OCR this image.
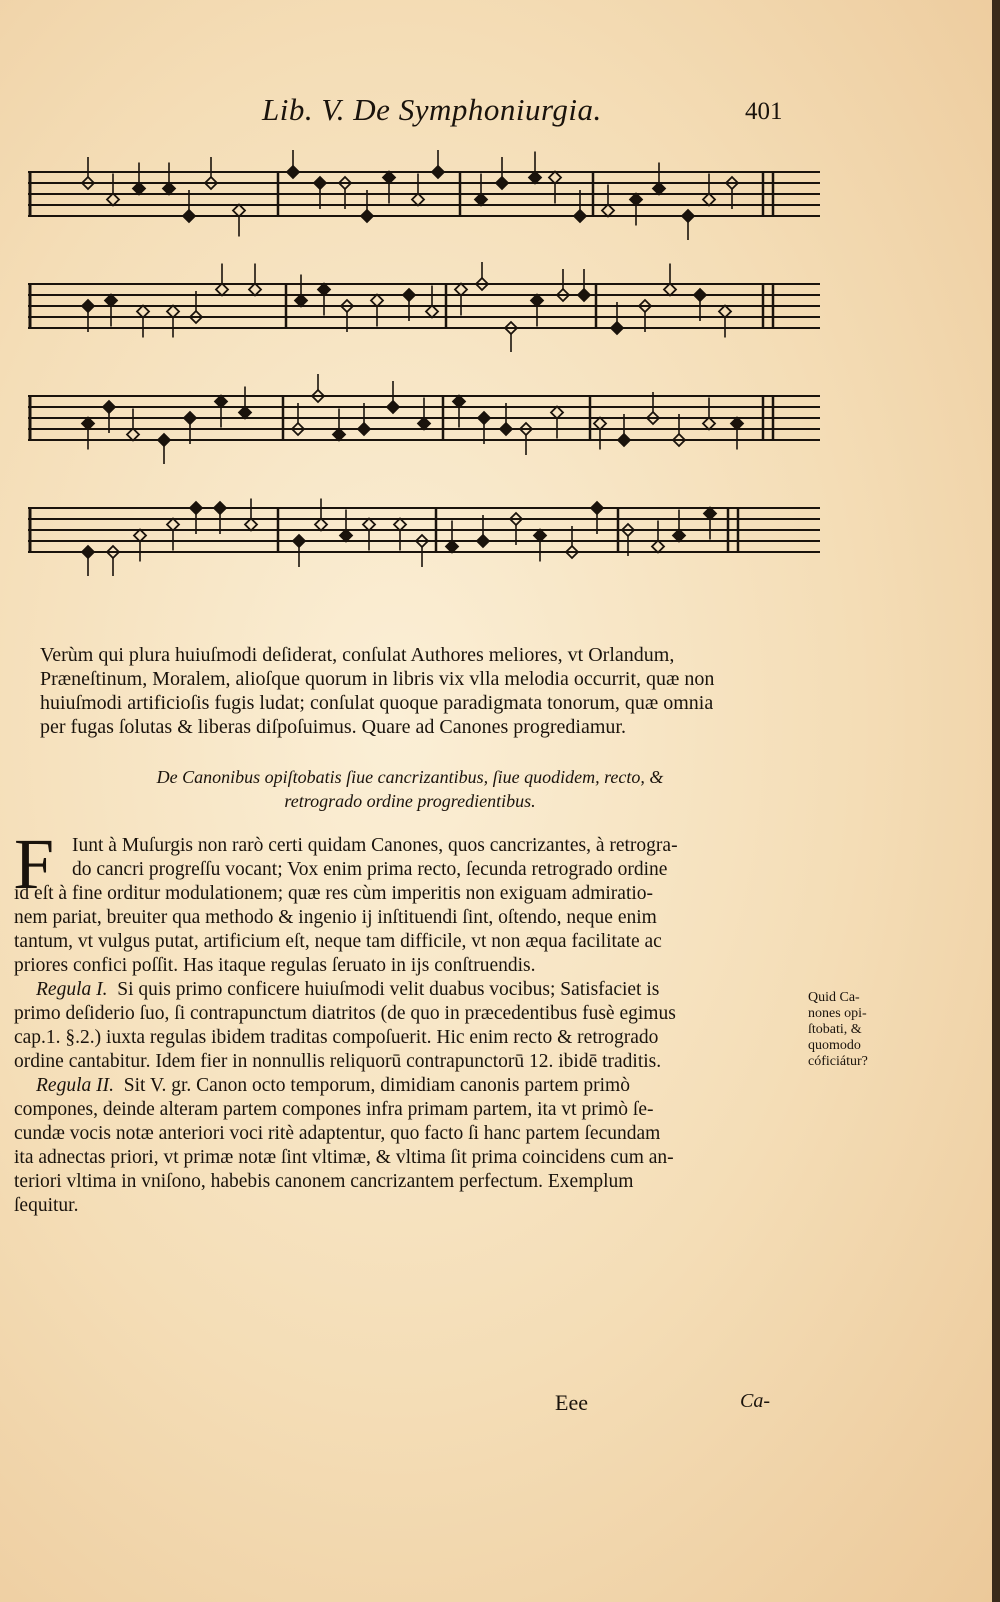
Lib. V. De Symphoniurgia.	401
Verùm qui plura huiuſmodi deſiderat, conſulat Authores meliores, vt Orlandum,
Præneſtinum, Moralem, alioſque quorum in libris vix vlla melodia occurrit, quæ non
huiuſmodi artificioſis fugis ludat; conſulat quoque paradigmata tonorum, quæ omnia
per fugas ſolutas & liberas diſpoſuimus. Quare ad Canones progrediamur.
De Canonibus opiſtobatis ſiue cancrizantibus, ſiue quodidem, recto, &
retrogrado ordine progredientibus.
F Iunt à Muſurgis non rarò certi quidam Canones, quos cancrizantes, à retrogra-
do cancri progreſſu vocant; Vox enim prima recto, ſecunda retrogrado ordine
id eſt à fine orditur modulationem; quæ res cùm imperitis non exiguam admiratio-
nem pariat, breuiter qua methodo & ingenio ij inſtituendi ſint, oſtendo, neque enim
tantum, vt vulgus putat, artificium eſt, neque tam difficile, vt non æqua facilitate ac
priores confici poſſit. Has itaque regulas ſeruato in ijs conſtruendis.
Regula I. Si quis primo conficere huiuſmodi velit duabus vocibus; Satisfaciet is
primo deſiderio ſuo, ſi contrapunctum diatritos (de quo in præcedentibus fusè egimus
cap.1. §.2.) iuxta regulas ibidem traditas compoſuerit. Hic enim recto & retrogrado
ordine cantabitur. Idem fier in nonnullis reliquorū contrapunctorū 12. ibidē traditis.
Regula II. Sit V. gr. Canon octo temporum, dimidiam canonis partem primò
compones, deinde alteram partem compones infra primam partem, ita vt primò ſe-
cundæ vocis notæ anteriori voci ritè adaptentur, quo facto ſi hanc partem ſecundam
ita adnectas priori, vt primæ notæ ſint vltimæ, & vltima ſit prima coincidens cum an-
teriori vltima in vniſono, habebis canonem cancrizantem perfectum. Exemplum
ſequitur.
Quid Ca-
nones opi-
ſtobati, &
quomodo
cóficiátur?
Eee	Ca-
